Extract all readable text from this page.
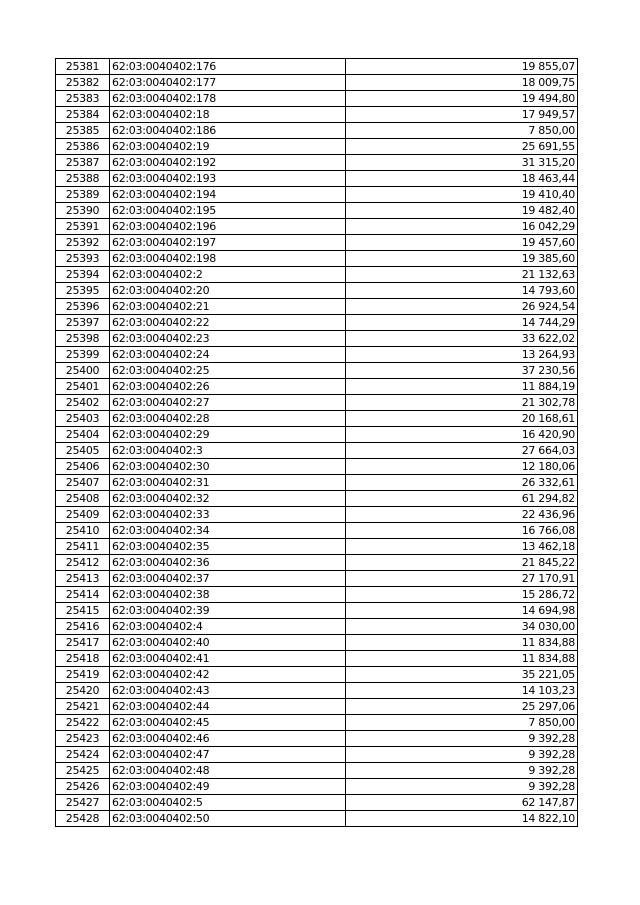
25381	62:03:0040402:176	19 855,07
25382	62:03:0040402:177	18 009,75
25383	62:03:0040402:178	19 494,80
25384	62:03:0040402:18	17 949,57
25385	62:03:0040402:186	7 850,00
25386	62:03:0040402:19	25 691,55
25387	62:03:0040402:192	31 315,20
25388	62:03:0040402:193	18 463,44
25389	62:03:0040402:194	19 410,40
25390	62:03:0040402:195	19 482,40
25391	62:03:0040402:196	16 042,29
25392	62:03:0040402:197	19 457,60
25393	62:03:0040402:198	19 385,60
25394	62:03:0040402:2	21 132,63
25395	62:03:0040402:20	14 793,60
25396	62:03:0040402:21	26 924,54
25397	62:03:0040402:22	14 744,29
25398	62:03:0040402:23	33 622,02
25399	62:03:0040402:24	13 264,93
25400	62:03:0040402:25	37 230,56
25401	62:03:0040402:26	11 884,19
25402	62:03:0040402:27	21 302,78
25403	62:03:0040402:28	20 168,61
25404	62:03:0040402:29	16 420,90
25405	62:03:0040402:3	27 664,03
25406	62:03:0040402:30	12 180,06
25407	62:03:0040402:31	26 332,61
25408	62:03:0040402:32	61 294,82
25409	62:03:0040402:33	22 436,96
25410	62:03:0040402:34	16 766,08
25411	62:03:0040402:35	13 462,18
25412	62:03:0040402:36	21 845,22
25413	62:03:0040402:37	27 170,91
25414	62:03:0040402:38	15 286,72
25415	62:03:0040402:39	14 694,98
25416	62:03:0040402:4	34 030,00
25417	62:03:0040402:40	11 834,88
25418	62:03:0040402:41	11 834,88
25419	62:03:0040402:42	35 221,05
25420	62:03:0040402:43	14 103,23
25421	62:03:0040402:44	25 297,06
25422	62:03:0040402:45	7 850,00
25423	62:03:0040402:46	9 392,28
25424	62:03:0040402:47	9 392,28
25425	62:03:0040402:48	9 392,28
25426	62:03:0040402:49	9 392,28
25427	62:03:0040402:5	62 147,87
25428	62:03:0040402:50	14 822,10
